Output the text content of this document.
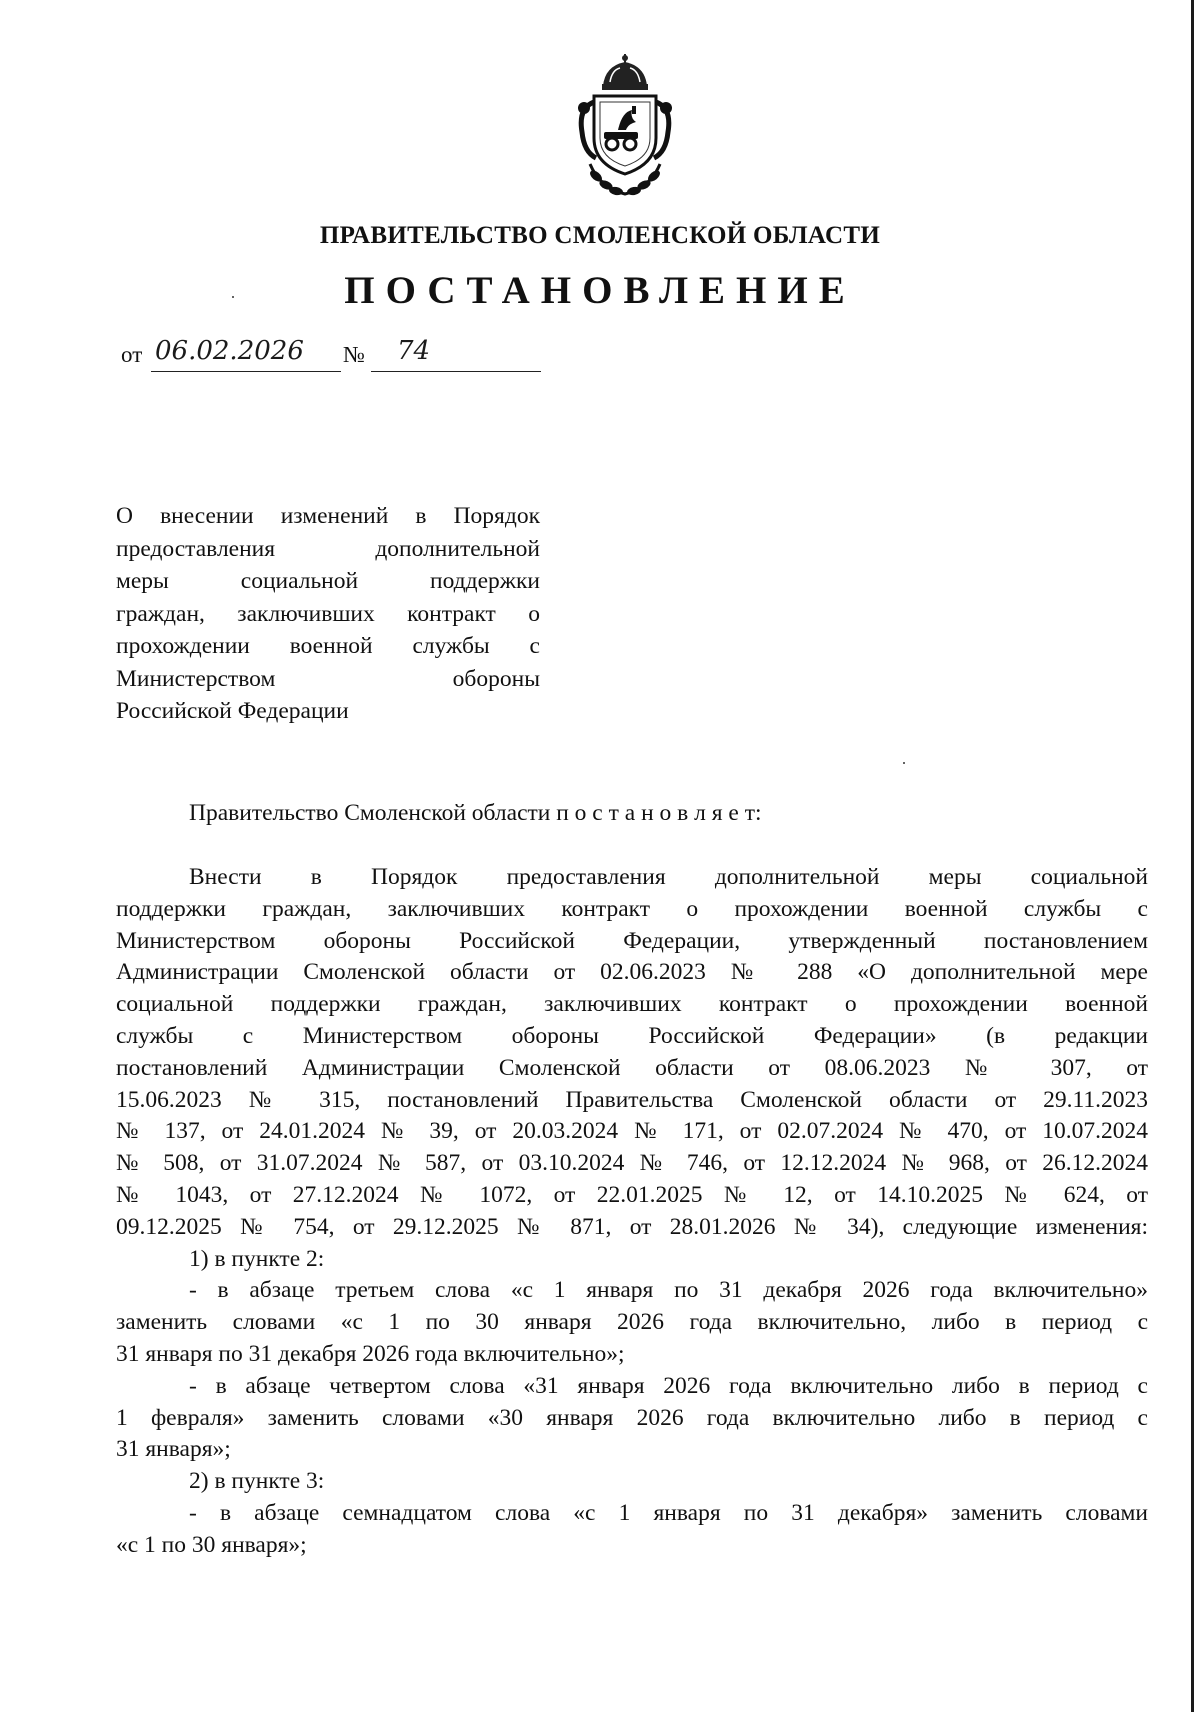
ПРАВИТЕЛЬСТВО СМОЛЕНСКОЙ ОБЛАСТИ
ПОСТАНОВЛЕНИЕ
от 06.02.2026 № 74
О внесении изменений в Порядок
предоставления дополнительной
меры социальной поддержки
граждан, заключивших контракт о
прохождении военной службы с
Министерством обороны
Российской Федерации
Правительство Смоленской области п о с т а н о в л я е т:
Внести в Порядок предоставления дополнительной меры социальной
поддержки граждан, заключивших контракт о прохождении военной службы с
Министерством обороны Российской Федерации, утвержденный постановлением
Администрации Смоленской области от 02.06.2023 № 288 «О дополнительной мере
социальной поддержки граждан, заключивших контракт о прохождении военной
службы с Министерством обороны Российской Федерации» (в редакции
постановлений Администрации Смоленской области от 08.06.2023 № 307, от
15.06.2023 № 315, постановлений Правительства Смоленской области от 29.11.2023
№ 137, от 24.01.2024 № 39, от 20.03.2024 № 171, от 02.07.2024 № 470, от 10.07.2024
№ 508, от 31.07.2024 № 587, от 03.10.2024 № 746, от 12.12.2024 № 968, от 26.12.2024
№ 1043, от 27.12.2024 № 1072, от 22.01.2025 № 12, от 14.10.2025 № 624, от
09.12.2025 № 754, от 29.12.2025 № 871, от 28.01.2026 № 34), следующие изменения:
1) в пункте 2:
- в абзаце третьем слова «с 1 января по 31 декабря 2026 года включительно»
заменить словами «с 1 по 30 января 2026 года включительно, либо в период с
31 января по 31 декабря 2026 года включительно»;
- в абзаце четвертом слова «31 января 2026 года включительно либо в период с
1 февраля» заменить словами «30 января 2026 года включительно либо в период с
31 января»;
2) в пункте 3:
- в абзаце семнадцатом слова «с 1 января по 31 декабря» заменить словами
«с 1 по 30 января»;
